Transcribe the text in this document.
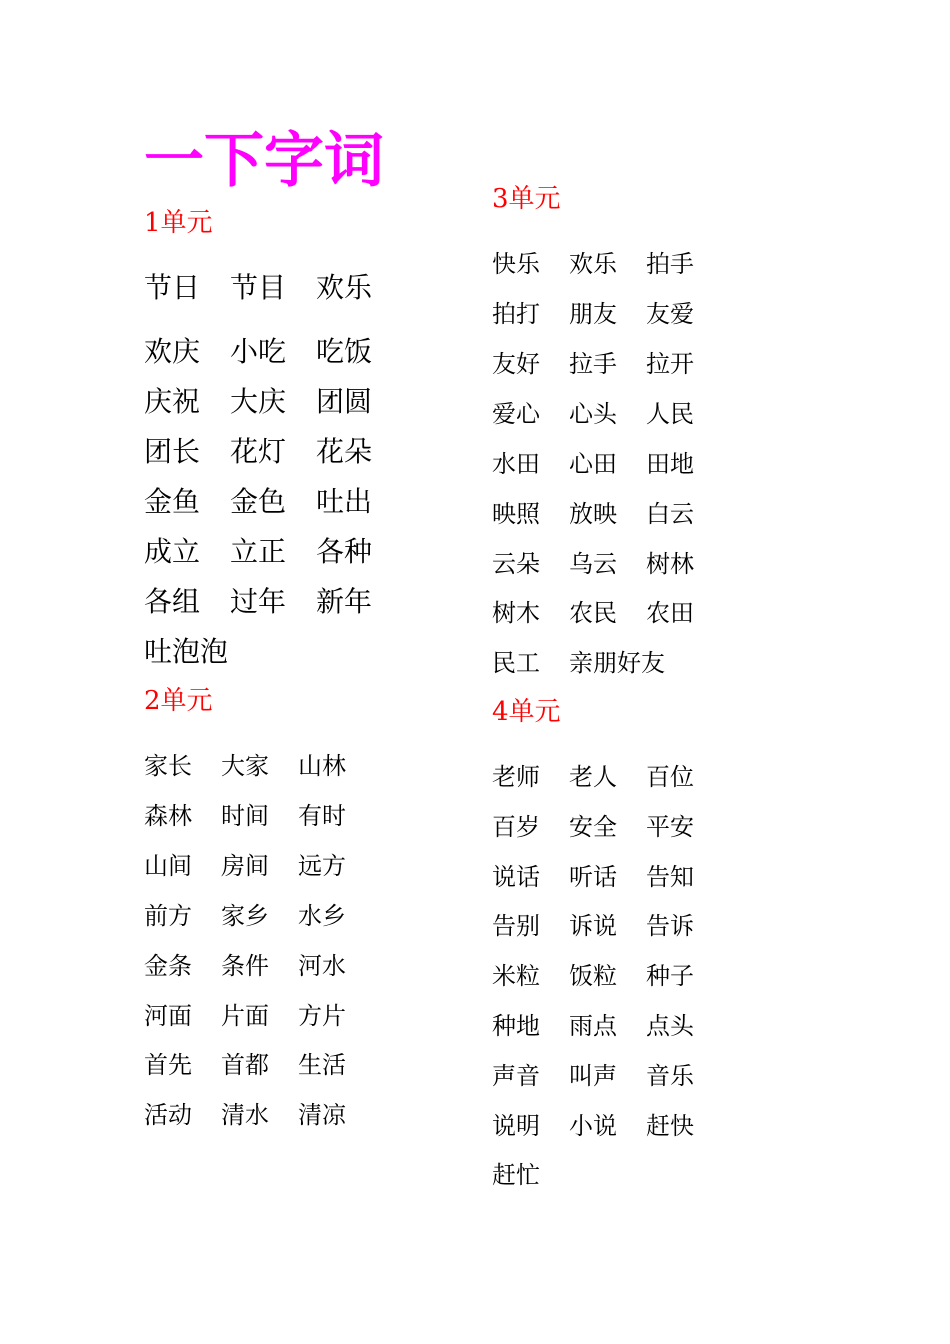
一下字词
1单元
节日	节目	欢乐
欢庆	小吃	吃饭
庆祝	大庆	团圆
团长	花灯	花朵
金鱼	金色	吐出
成立	立正	各种
各组	过年	新年
吐泡泡
2单元
家长	大家	山林
森林	时间	有时
山间	房间	远方
前方	家乡	水乡
金条	条件	河水
河面	片面	方片
首先	首都	生活
活动	清水	清凉
3单元
快乐	欢乐	拍手
拍打	朋友	友爱
友好	拉手	拉开
爱心	心头	人民
水田	心田	田地
映照	放映	白云
云朵	乌云	树林
树木	农民	农田
民工	亲朋好友
4单元
老师	老人	百位
百岁	安全	平安
说话	听话	告知
告别	诉说	告诉
米粒	饭粒	种子
种地	雨点	点头
声音	叫声	音乐
说明	小说	赶快
赶忙
